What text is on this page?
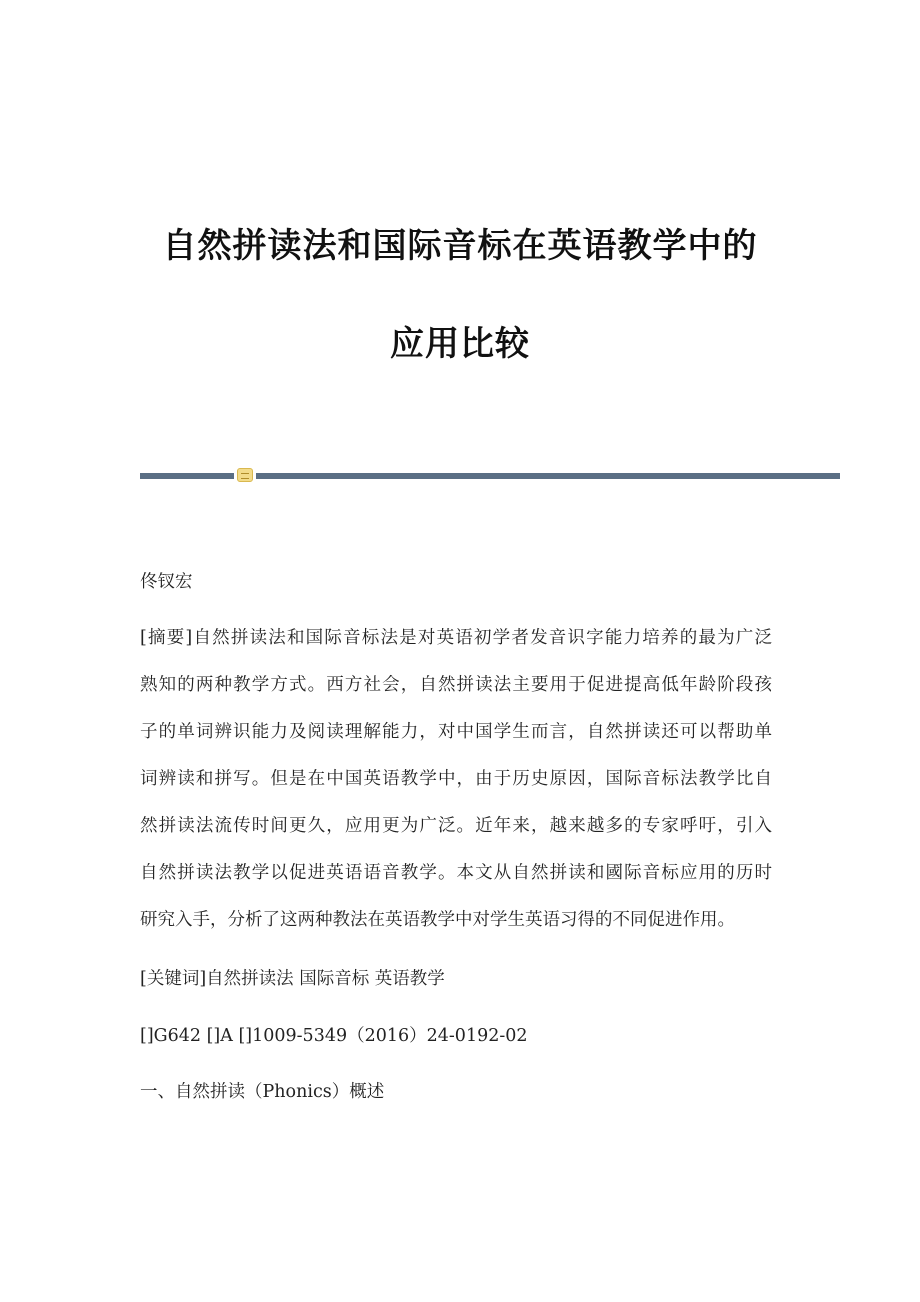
自然拼读法和国际音标在英语教学中的
应用比较
佟钗宏
[摘要]自然拼读法和国际音标法是对英语初学者发音识字能力培养的最为广泛
熟知的两种教学方式。西方社会，自然拼读法主要用于促进提高低年龄阶段孩
子的单词辨识能力及阅读理解能力，对中国学生而言，自然拼读还可以帮助单
词辨读和拼写。但是在中国英语教学中，由于历史原因，国际音标法教学比自
然拼读法流传时间更久，应用更为广泛。近年来，越来越多的专家呼吁，引入
自然拼读法教学以促进英语语音教学。本文从自然拼读和國际音标应用的历时
研究入手，分析了这两种教法在英语教学中对学生英语习得的不同促进作用。
[关键词]自然拼读法 国际音标 英语教学
[]G642 []A []1009-5349（2016）24-0192-02
一、自然拼读（Phonics）概述
